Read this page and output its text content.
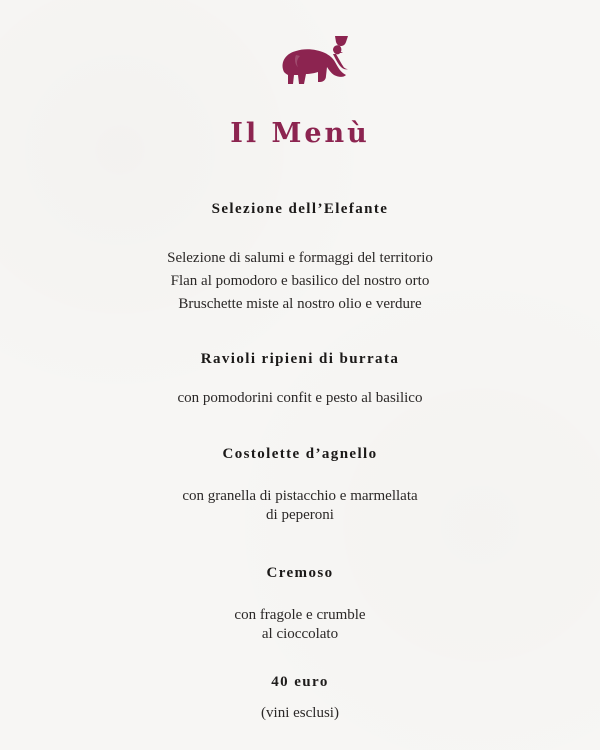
Il Menù
Selezione dell’Elefante
Selezione di salumi e formaggi del territorio
Flan al pomodoro e basilico del nostro orto
Bruschette miste al nostro olio e verdure
Ravioli ripieni di burrata
con pomodorini confit e pesto al basilico
Costolette d’agnello
con granella di pistacchio e marmellata
di peperoni
Cremoso
con fragole e crumble
al cioccolato
40 euro
(vini esclusi)
